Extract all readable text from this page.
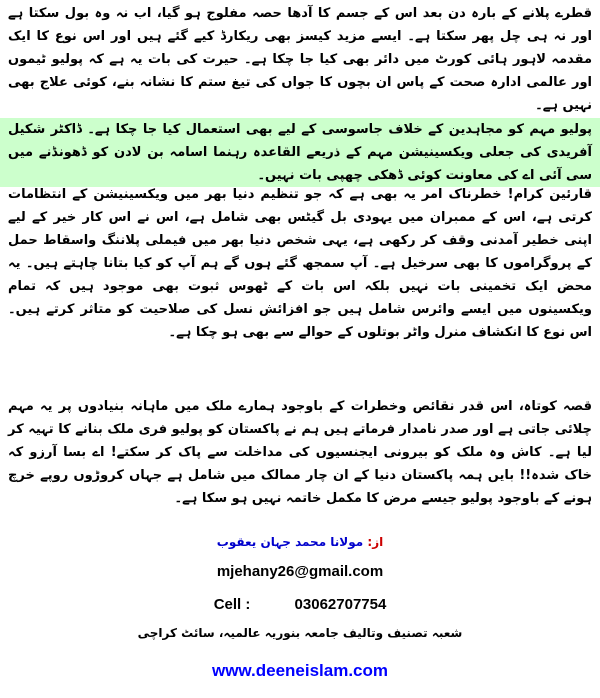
قطرے پلانے کے بارہ دن بعد اس کے جسم کا آدھا حصہ مفلوج ہو گیا، اب نہ وہ بول سکتا ہے اور نہ ہی چل پھر سکتا ہے۔ ایسے مزید کیسز بھی ریکارڈ کیے گئے ہیں اور اس نوع کا ایک مقدمہ لاہور ہائی کورٹ میں دائر بھی کیا جا چکا ہے۔ حیرت کی بات یہ ہے کہ پولیو ٹیموں اور عالمی ادارہ صحت کے پاس ان بچوں کا جواں کی تیغ ستم کا نشانہ بنے، کوئی علاج بھی نہیں ہے۔

پولیو مہم کو مجاہدین کے خلاف جاسوسی کے لیے بھی استعمال کیا جا چکا ہے۔ ڈاکٹر شکیل آفریدی کی جعلی ویکسینیشن مہم کے ذریعے القاعدہ رہنما اسامہ بن لادن کو ڈھونڈنے میں سی آئی اے کی معاونت کوئی ڈھکی چھپی بات نہیں۔

قارئین کرام! خطرناک امر یہ بھی ہے کہ جو تنظیم دنیا بھر میں ویکسینیشن کے انتظامات کرتی ہے، اس کے ممبران میں یہودی بل گیٹس بھی شامل ہے، اس نے اس کار خیر کے لیے اپنی خطیر آمدنی وقف کر رکھی ہے، یہی شخص دنیا بھر میں فیملی پلاننگ واسقاط حمل کے پروگراموں کا بھی سرخیل ہے۔ آپ سمجھ گئے ہوں گے ہم آپ کو کیا بتانا چاہتے ہیں۔ یہ محض ایک تخمینی بات نہیں بلکہ اس بات کے ٹھوس ثبوت بھی موجود ہیں کہ تمام ویکسینوں میں ایسے وائرس شامل ہیں جو افزائش نسل کی صلاحیت کو متاثر کرتے ہیں۔ اس نوع کا انکشاف منرل واٹر بوتلوں کے حوالے سے بھی ہو چکا ہے۔

قصہ کوتاہ، اس قدر نقائص وخطرات کے باوجود ہمارے ملک میں ماہانہ بنیادوں پر یہ مہم چلائی جاتی ہے اور صدر نامدار فرماتے ہیں ہم نے پاکستان کو پولیو فری ملک بنانے کا تہیہ کر لیا ہے۔ کاش وہ ملک کو بیرونی ایجنسیوں کی مداخلت سے پاک کر سکتے! اے بسا آرزو کہ خاک شدہ!! بایں ہمہ پاکستان دنیا کے ان چار ممالک میں شامل ہے جہاں کروڑوں روپے خرچ ہونے کے باوجود پولیو جیسے مرض کا مکمل خاتمہ نہیں ہو سکا ہے۔

از: مولانا محمد جہان یعقوب
mjehany26@gmail.com
Cell :	03062707754
شعبہ تصنیف وتالیف جامعہ بنوریہ عالمیہ، سائٹ کراچی
www.deeneislam.com
